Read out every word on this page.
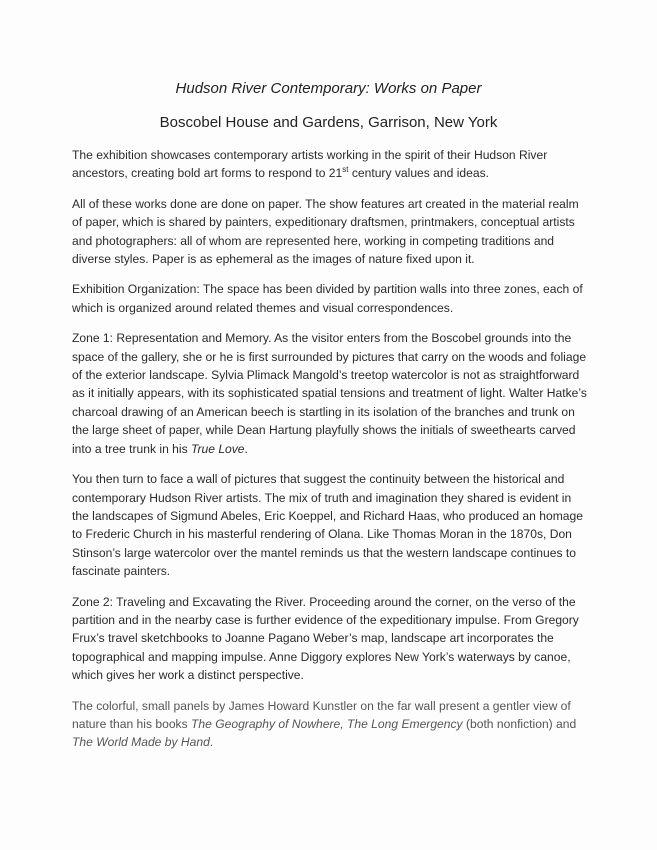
Hudson River Contemporary: Works on Paper
Boscobel House and Gardens, Garrison, New York

The exhibition showcases contemporary artists working in the spirit of their Hudson River ancestors, creating bold art forms to respond to 21st century values and ideas.

All of these works done are done on paper. The show features art created in the material realm of paper, which is shared by painters, expeditionary draftsmen, printmakers, conceptual artists and photographers: all of whom are represented here, working in competing traditions and diverse styles. Paper is as ephemeral as the images of nature fixed upon it.

Exhibition Organization: The space has been divided by partition walls into three zones, each of which is organized around related themes and visual correspondences.

Zone 1: Representation and Memory. As the visitor enters from the Boscobel grounds into the space of the gallery, she or he is first surrounded by pictures that carry on the woods and foliage of the exterior landscape. Sylvia Plimack Mangold’s treetop watercolor is not as straightforward as it initially appears, with its sophisticated spatial tensions and treatment of light. Walter Hatke’s charcoal drawing of an American beech is startling in its isolation of the branches and trunk on the large sheet of paper, while Dean Hartung playfully shows the initials of sweethearts carved into a tree trunk in his True Love.

You then turn to face a wall of pictures that suggest the continuity between the historical and contemporary Hudson River artists. The mix of truth and imagination they shared is evident in the landscapes of Sigmund Abeles, Eric Koeppel, and Richard Haas, who produced an homage to Frederic Church in his masterful rendering of Olana. Like Thomas Moran in the 1870s, Don Stinson’s large watercolor over the mantel reminds us that the western landscape continues to fascinate painters.

Zone 2: Traveling and Excavating the River. Proceeding around the corner, on the verso of the partition and in the nearby case is further evidence of the expeditionary impulse. From Gregory Frux’s travel sketchbooks to Joanne Pagano Weber’s map, landscape art incorporates the topographical and mapping impulse. Anne Diggory explores New York’s waterways by canoe, which gives her work a distinct perspective.

The colorful, small panels by James Howard Kunstler on the far wall present a gentler view of nature than his books The Geography of Nowhere, The Long Emergency (both nonfiction) and The World Made by Hand.
